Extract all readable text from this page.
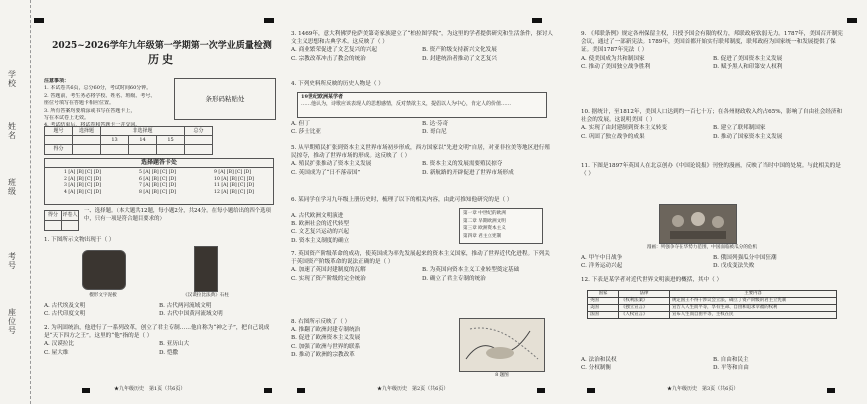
学校
姓名
班级
考号
座位号
2025~2026学年九年级第一学期第一次学业质量检测
历史
注意事项：
1. 本试卷共6页，总分60分，考试时间60分钟。
2. 答题前，考生务必将学校、姓名、班级、考号、
座位号填写在答题卡相应位置。
3. 所有答案均要填涂或书写在答题卡上，
写在本试卷上无效。
4. 考试结束后，将试卷和答题卡一并交回。
条形码粘贴处
题号	选择题	非选择题			总分
		13	14	15	
得分					
选择题答卡处
1 [A] [B] [C] [D]
2 [A] [B] [C] [D]
3 [A] [B] [C] [D]
4 [A] [B] [C] [D]
5 [A] [B] [C] [D]
6 [A] [B] [C] [D]
7 [A] [B] [C] [D]
8 [A] [B] [C] [D]
9 [A] [B] [C] [D]
10 [A] [B] [C] [D]
11 [A] [B] [C] [D]
12 [A] [B] [C] [D]
得分	评卷人

一、选择题。（本大题共12题，每小题2分，共24分。在每小题给出的四个选项中，只有一项是符合题目要求的）
1. 下图所示文物出现于（ ）
楔形文字泥板	《汉谟拉比法典》石柱
A. 古代埃及文明	B. 古代两河流域文明
C. 古代印度文明	D. 古代中国黄河流域文明
2. 为巩固统治，他进行了一系列改革，创立了君主专制……他自称为“神之子”，把自己说成是“天下四方之王”。这里的“他”指的是（ ）
A. 汉谟拉比	B. 亚历山大
C. 屋大维	D. 恺撒
★九年级历史　第1页（共6页）
3. 1469年，意大利佛罗伦萨美第奇家族建立了“柏拉图学院”，为这里的学者提供研究和生活条件，探讨人文主义思想和古典学术。这反映了（ ）
A. 商业繁荣促进了文艺复兴的兴起	B. 资产阶级支持新兴文化发展
C. 宗教改革冲击了教会的统治	D. 封建统治者推动了文艺复兴
4. 下列史料所反映的历史人物是（ ）
19世纪欧洲某学者
……他认为，诗歌应该表现人的思想感情，反对禁欲主义，提倡以人为中心，肯定人的价值……
A. 但丁	B. 达·芬奇
C. 莎士比亚	D. 哥白尼
5. 从早期殖民扩张到资本主义世界市场初步形成，西方国家以“先进文明”自居，对亚非拉美等地区进行殖民掠夺，推动了世界市场的形成。这反映了（ ）
A. 殖民扩张推动了资本主义发展	B. 资本主义的发展需要殖民掠夺
C. 英国成为了“日不落帝国”	D. 新航路的开辟促进了世界市场形成
6. 某同学在学习九年级上册历史时，梳理了以下的相关内容，由此可推知他研究的是（ ）
A. 古代欧洲文明演进
B. 欧洲社会的近代转型
C. 文艺复兴运动的兴起
D. 资本主义制度的确立
第一章 中世纪的欧洲
第二章 早期欧洲文明
第三章 欧洲资本主义
第四章 君主立宪制
7. 英国资产阶级革命的成功，使英国成为率先发展起来的资本主义国家，推动了世界近代化进程。下列关于英国资产阶级革命的说法正确的是（ ）
A. 加速了英国封建制度的瓦解	B. 为英国向资本主义工业转型奠定基础
C. 实现了资产阶级的完全统治	D. 确立了君主专制的统治
8. 右图所示反映了（ ）
A. 推翻了欧洲封建专制统治
B. 促进了欧洲资本主义发展
C. 加强了欧洲与世界的联系
D. 推动了欧洲的宗教改革
8 题图
★九年级历史　第2页（共6页）
9. 《邦联条例》规定各州保留主权，只授予国会有限的权力，邦联政府软弱无力。1787年，美国召开制宪会议，通过了一部新宪法。1789年，美国首都开始实行联邦制度，联邦政府为国家统一和发展提供了保证。美国1787年宪法（ ）
A. 使美国成为共和制国家	B. 促进了美国资本主义发展
C. 推动了美国独立战争胜利	D. 赋予黑人和印第安人权利
10. 据统计，至1812年，美国人口达到约一百七十万；在各州财政收入约占65%，影响了自由社会经济和社会的发展。这说明美国（ ）
A. 实现了由封建制到资本主义转变	B. 建立了联邦制国家
C. 巩固了独立战争的成果	D. 推动了国家资本主义发展
11. 下图是1897年英国人在北京创办《中国论说报》刊登的漫画，反映了当时中国的处境。与此相关的是（ ）
漫画：列强争夺在华势力范围，中国面临被瓜分的危机
A. 甲午中日战争	B. 俄国列强瓜分中国狂潮
C. 洋务运动兴起	D. 戊戌变法失败
12. 下表是某学者对近代世界文明演进的概括，其中（ ）
国家	法律	主要内容
英国	《权利法案》	规定国王不得干涉议会立法，确立了资产阶级的君主立宪制
美国	《独立宣言》	宣告人人生而平等，享有生命、自由和追求幸福的权利
法国	《人权宣言》	宣布人生而自由平等，主权在民
A. 法治和民权	B. 自由和民主
C. 分权制衡	D. 平等和自由
★九年级历史　第3页（共6页）
